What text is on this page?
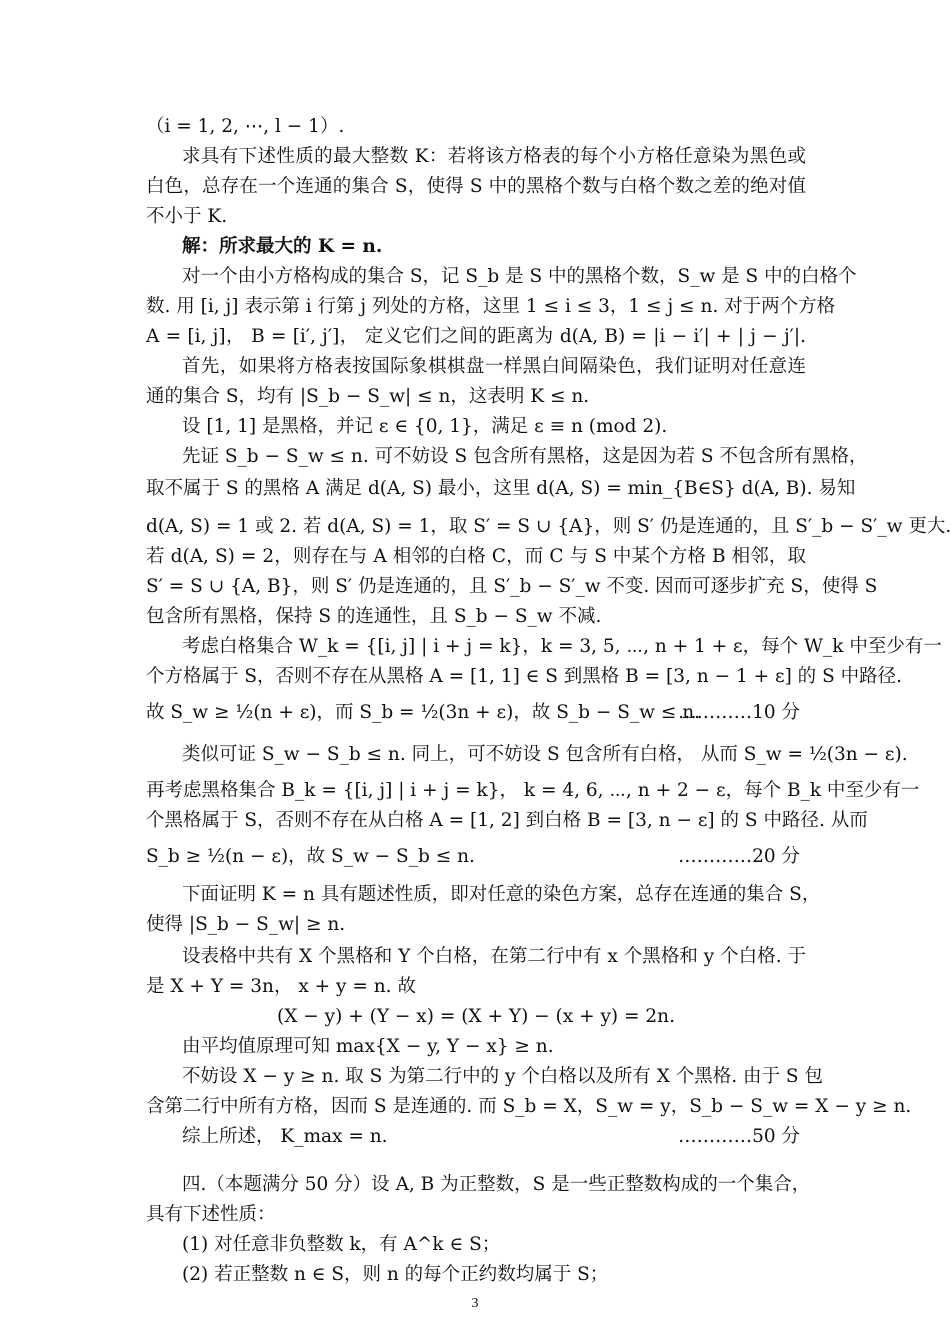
（i = 1, 2, ⋯, l − 1）.
求具有下述性质的最大整数 K：若将该方格表的每个小方格任意染为黑色或
白色，总存在一个连通的集合 S，使得 S 中的黑格个数与白格个数之差的绝对值
不小于 K.
解：所求最大的 K = n.
对一个由小方格构成的集合 S，记 S_b 是 S 中的黑格个数，S_w 是 S 中的白格个
数. 用 [i, j] 表示第 i 行第 j 列处的方格，这里 1 ≤ i ≤ 3，1 ≤ j ≤ n. 对于两个方格
A = [i, j]， B = [i′, j′]， 定义它们之间的距离为 d(A, B) = |i − i′| + | j − j′|.
首先，如果将方格表按国际象棋棋盘一样黑白间隔染色，我们证明对任意连
通的集合 S，均有 |S_b − S_w| ≤ n，这表明 K ≤ n.
设 [1, 1] 是黑格，并记 ε ∈ {0, 1}，满足 ε ≡ n (mod 2).
先证 S_b − S_w ≤ n. 可不妨设 S 包含所有黑格，这是因为若 S 不包含所有黑格，
取不属于 S 的黑格 A 满足 d(A, S) 最小，这里 d(A, S) = min_{B∈S} d(A, B). 易知
d(A, S) = 1 或 2. 若 d(A, S) = 1，取 S′ = S ∪ {A}，则 S′ 仍是连通的，且 S′_b − S′_w 更大.
若 d(A, S) = 2，则存在与 A 相邻的白格 C，而 C 与 S 中某个方格 B 相邻，取
S′ = S ∪ {A, B}，则 S′ 仍是连通的，且 S′_b − S′_w 不变. 因而可逐步扩充 S，使得 S
包含所有黑格，保持 S 的连通性，且 S_b − S_w 不减.
考虑白格集合 W_k = {[i, j] | i + j = k}，k = 3, 5, ⋯, n + 1 + ε，每个 W_k 中至少有一
个方格属于 S，否则不存在从黑格 A = [1, 1] ∈ S 到黑格 B = [3, n − 1 + ε] 的 S 中路径.
故 S_w ≥ ½(n + ε)，而 S_b = ½(3n + ε)，故 S_b − S_w ≤ n.
…………10 分
类似可证 S_w − S_b ≤ n. 同上，可不妨设 S 包含所有白格， 从而 S_w = ½(3n − ε).
再考虑黑格集合 B_k = {[i, j] | i + j = k}， k = 4, 6, ⋯, n + 2 − ε，每个 B_k 中至少有一
个黑格属于 S，否则不存在从白格 A = [1, 2] 到白格 B = [3, n − ε] 的 S 中路径. 从而
S_b ≥ ½(n − ε)，故 S_w − S_b ≤ n.	…………20 分
下面证明 K = n 具有题述性质，即对任意的染色方案，总存在连通的集合 S，
使得 |S_b − S_w| ≥ n.
设表格中共有 X 个黑格和 Y 个白格，在第二行中有 x 个黑格和 y 个白格. 于
是 X + Y = 3n， x + y = n. 故
(X − y) + (Y − x) = (X + Y) − (x + y) = 2n.
由平均值原理可知 max{X − y, Y − x} ≥ n.
不妨设 X − y ≥ n. 取 S 为第二行中的 y 个白格以及所有 X 个黑格. 由于 S 包
含第二行中所有方格，因而 S 是连通的. 而 S_b = X，S_w = y，S_b − S_w = X − y ≥ n.
综上所述， K_max = n.	…………50 分
四.（本题满分 50 分）设 A, B 为正整数，S 是一些正整数构成的一个集合，
具有下述性质：
(1) 对任意非负整数 k，有 A^k ∈ S；
(2) 若正整数 n ∈ S，则 n 的每个正约数均属于 S；
3
